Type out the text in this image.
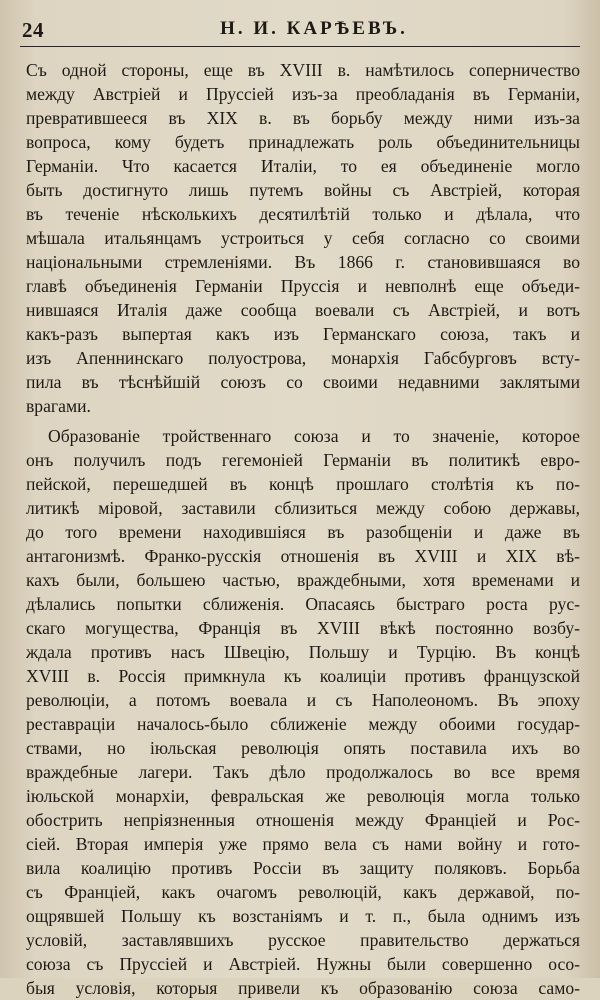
24	Н. И. КАРѢЕВЪ.
Съ одной стороны, еще въ XVIII в. намѣтилось соперничество
между Австріей и Пруссіей изъ-за преобладанія въ Германіи,
превратившееся въ XIX в. въ борьбу между ними изъ-за
вопроса, кому будетъ принадлежать роль объединительницы
Германіи. Что касается Италіи, то ея объединеніе могло
быть достигнуто лишь путемъ войны съ Австріей, которая
въ теченіе нѣсколькихъ десятилѣтій только и дѣлала, что
мѣшала итальянцамъ устроиться у себя согласно со своими
національными стремленіями. Въ 1866 г. становившаяся во
главѣ объединенія Германіи Пруссія и невполнѣ еще объеди-
нившаяся Италія даже сообща воевали съ Австріей, и вотъ
какъ-разъ выпертая какъ изъ Германскаго союза, такъ и
изъ Апеннинскаго полуострова, монархія Габсбурговъ всту-
пила въ тѣснѣйшій союзъ со своими недавними заклятыми
врагами.
Образованіе тройственнаго союза и то значеніе, которое
онъ получилъ подъ гегемоніей Германіи въ политикѣ евро-
пейской, перешедшей въ концѣ прошлаго столѣтія къ по-
литикѣ міровой, заставили сблизиться между собою державы,
до того времени находившіяся въ разобщеніи и даже въ
антагонизмѣ. Франко-русскія отношенія въ XVIII и XIX вѣ-
кахъ были, большею частью, враждебными, хотя временами и
дѣлались попытки сближенія. Опасаясь быстраго роста рус-
скаго могущества, Франція въ XVIII вѣкѣ постоянно возбу-
ждала противъ насъ Швецію, Польшу и Турцію. Въ концѣ
XVIII в. Россія примкнула къ коалиціи противъ французской
революціи, а потомъ воевала и съ Наполеономъ. Въ эпоху
реставраціи началось-было сближеніе между обоими государ-
ствами, но іюльская революція опять поставила ихъ во
враждебные лагери. Такъ дѣло продолжалось во все время
іюльской монархіи, февральская же революція могла только
обострить непріязненныя отношенія между Франціей и Рос-
сіей. Вторая имперія уже прямо вела съ нами войну и гото-
вила коалицію противъ Россіи въ защиту поляковъ. Борьба
съ Франціей, какъ очагомъ революцій, какъ державой, по-
ощрявшей Польшу къ возстаніямъ и т. п., была однимъ изъ
условій, заставлявшихъ русское правительство держаться
союза съ Пруссіей и Австріей. Нужны были совершенно осо-
быя условія, которыя привели къ образованію союза само-
